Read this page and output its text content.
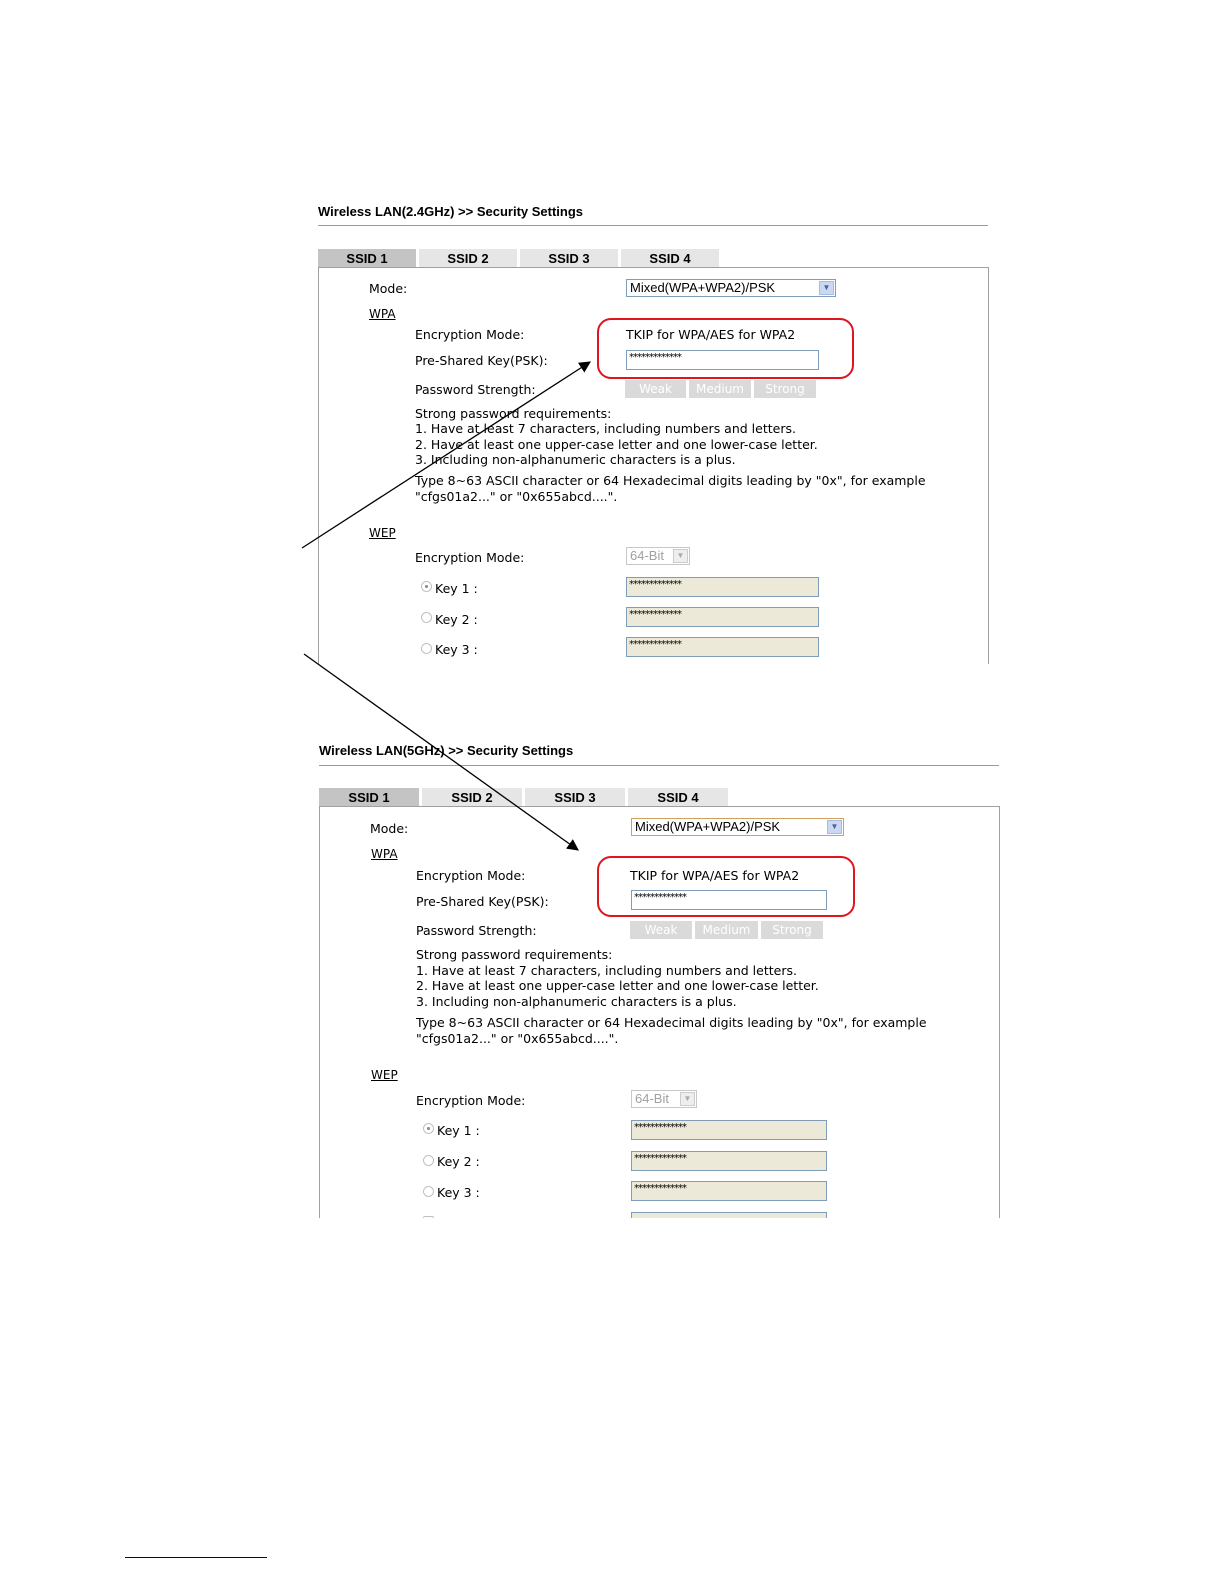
Wireless LAN(2.4GHz) >> Security Settings
SSID 1	SSID 2	SSID 3	SSID 4
Mode:	Mixed(WPA+WPA2)/PSK	▼
WPA
Encryption Mode:	TKIP for WPA/AES for WPA2
Pre-Shared Key(PSK):	*************
Password Strength:	Weak	Medium	Strong
Strong password requirements:
1. Have at least 7 characters, including numbers and letters.
2. Have at least one upper-case letter and one lower-case letter.
3. Including non-alphanumeric characters is a plus.
Type 8~63 ASCII character or 64 Hexadecimal digits leading by "0x", for example
"cfgs01a2..." or "0x655abcd....".
WEP
Encryption Mode:	64-Bit	▼
Key 1 :	*************
Key 2 :	*************
Key 3 :	*************
Wireless LAN(5GHz) >> Security Settings
SSID 1	SSID 2	SSID 3	SSID 4
Mode:	Mixed(WPA+WPA2)/PSK	▼
WPA
Encryption Mode:	TKIP for WPA/AES for WPA2
Pre-Shared Key(PSK):	*************
Password Strength:	Weak	Medium	Strong
Strong password requirements:
1. Have at least 7 characters, including numbers and letters.
2. Have at least one upper-case letter and one lower-case letter.
3. Including non-alphanumeric characters is a plus.
Type 8~63 ASCII character or 64 Hexadecimal digits leading by "0x", for example
"cfgs01a2..." or "0x655abcd....".
WEP
Encryption Mode:	64-Bit	▼
Key 1 :	*************
Key 2 :	*************
Key 3 :	*************
